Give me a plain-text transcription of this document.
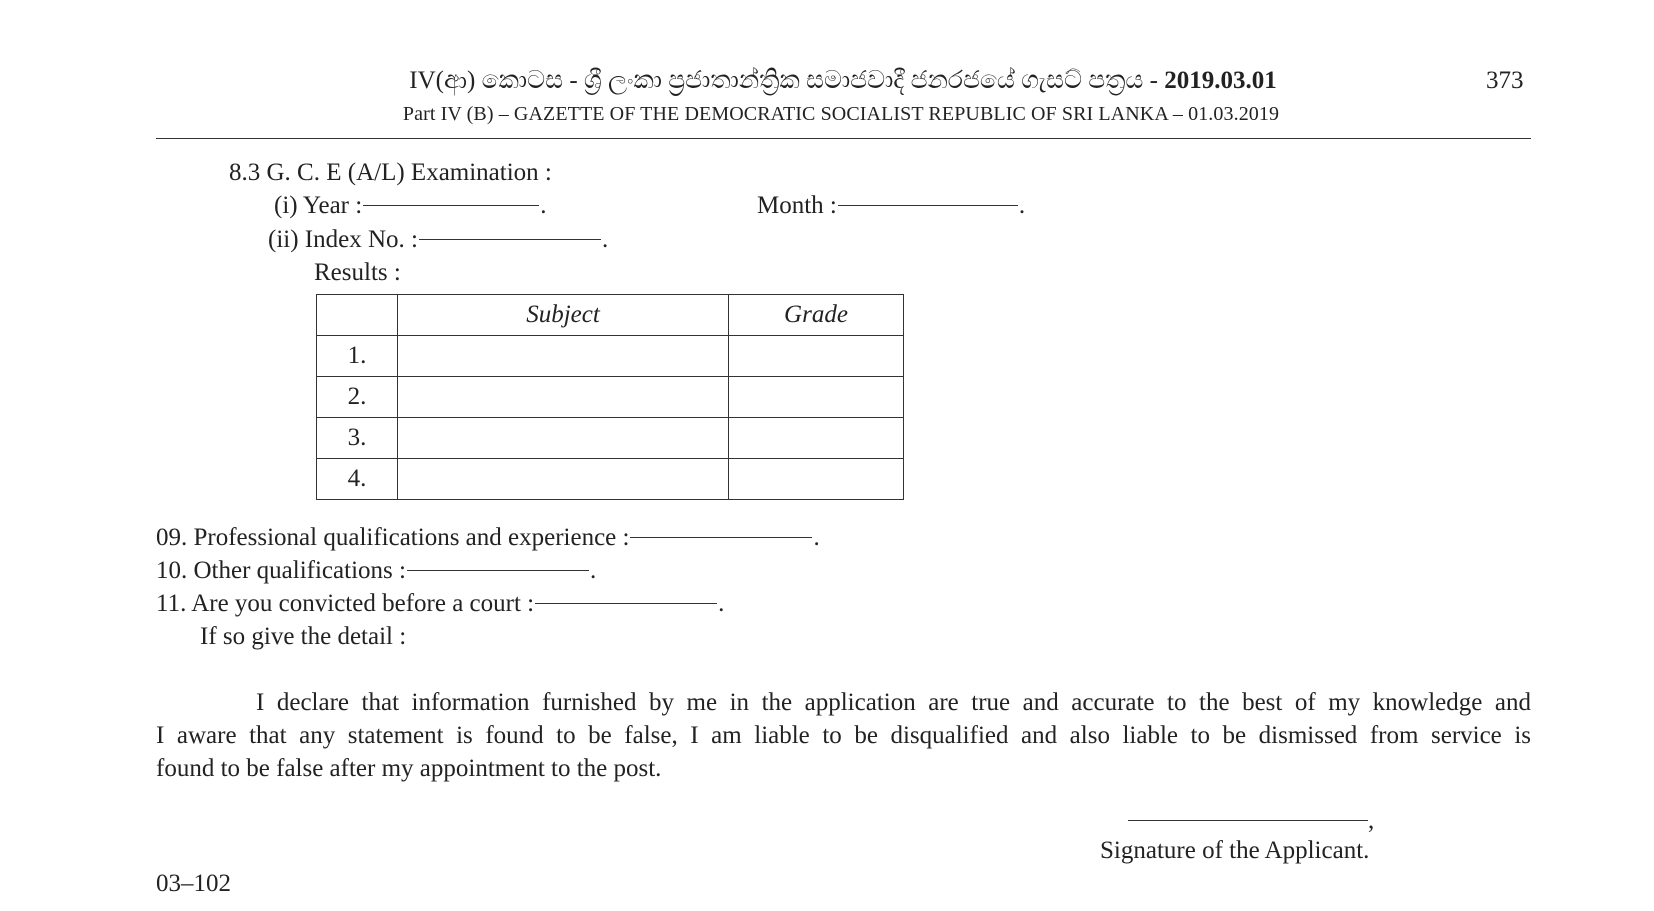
IV(ආ) කොටස - ශ්‍රී ලංකා ප්‍රජාතාන්ත්‍රික සමාජවාදී ජනරජයේ ගැසට් පත්‍රය - 2019.03.01
Part IV (B) – GAZETTE OF THE DEMOCRATIC SOCIALIST REPUBLIC OF SRI LANKA – 01.03.2019
373
8.3 G. C. E (A/L) Examination :
(i) Year :	.	Month :	.
(ii) Index No. :	.
Results :
	Subject	Grade
1.		
2.		
3.		
4.		
09. Professional qualifications and experience :	.
10. Other qualifications :	.
11. Are you convicted before a court :	.
If so give the detail :

I declare that information furnished by me in the application are true and accurate to the best of my knowledge and

I aware that any statement is found to be false, I am liable to be disqualified and also liable to be dismissed from service is

found to be false after my appointment to the post.

,
Signature of the Applicant.
03–102
